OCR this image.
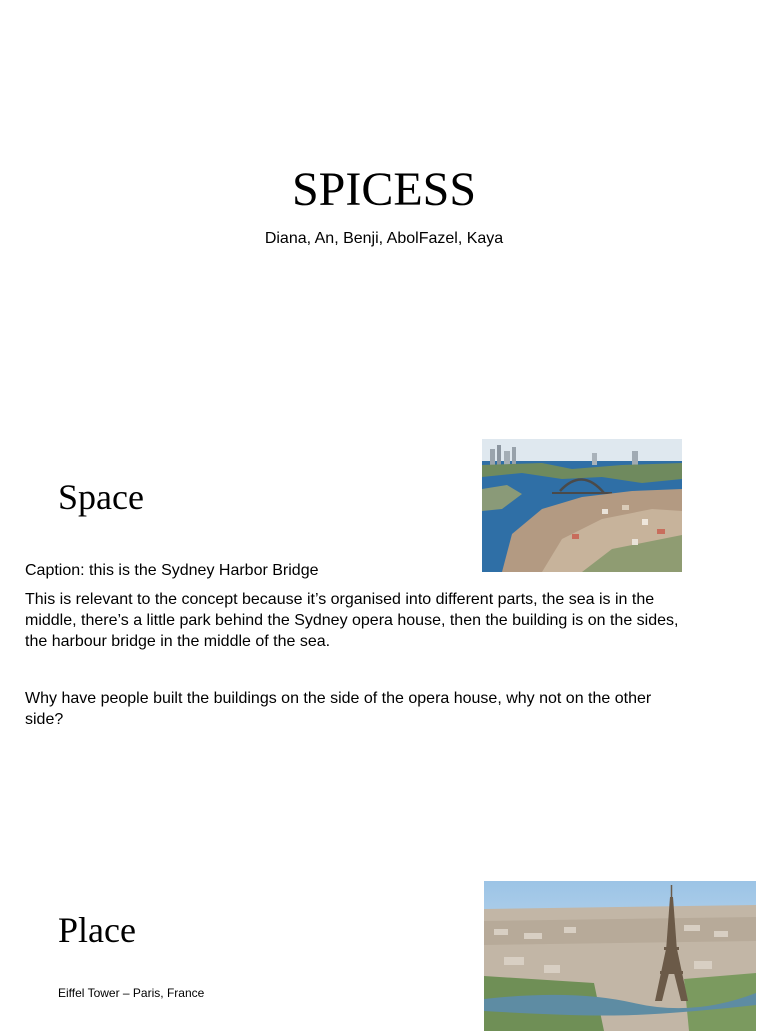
SPICESS
Diana, An, Benji, AbolFazel, Kaya
Space
Caption: this is the Sydney Harbor Bridge
This is relevant to the concept because it’s organised into different parts, the sea is in the middle, there’s a little park behind the Sydney opera house, then the building is on the sides, the harbour bridge in the middle of the sea.
Why have people built the buildings on the side of the opera house, why not on the other side?
Place
Eiffel Tower – Paris, France
